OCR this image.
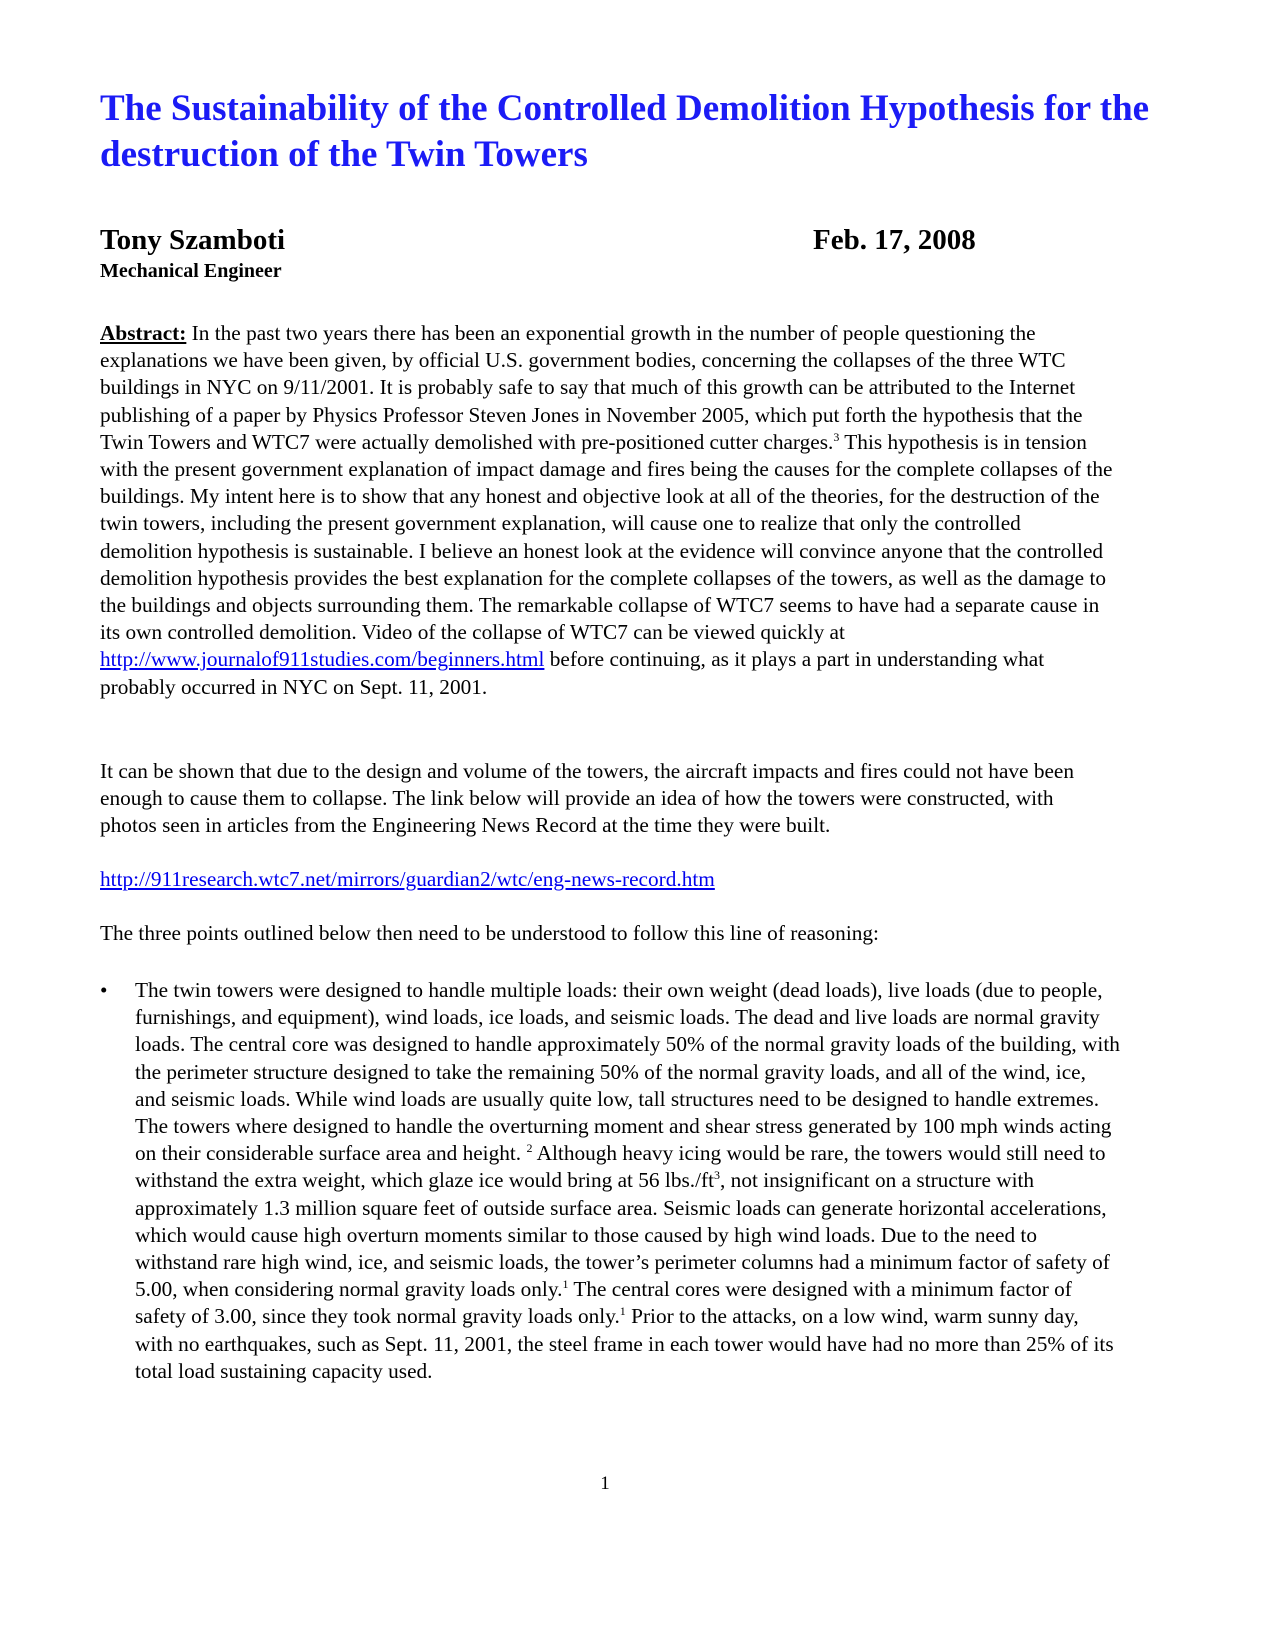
The Sustainability of the Controlled Demolition Hypothesis for the destruction of the Twin Towers
Tony Szamboti	Feb. 17, 2008
Mechanical Engineer

Abstract: In the past two years there has been an exponential growth in the number of people questioning the explanations we have been given, by official U.S. government bodies, concerning the collapses of the three WTC buildings in NYC on 9/11/2001. It is probably safe to say that much of this growth can be attributed to the Internet publishing of a paper by Physics Professor Steven Jones in November 2005, which put forth the hypothesis that the Twin Towers and WTC7 were actually demolished with pre-positioned cutter charges.$^3$ This hypothesis is in tension with the present government explanation of impact damage and fires being the causes for the complete collapses of the buildings. My intent here is to show that any honest and objective look at all of the theories, for the destruction of the twin towers, including the present government explanation, will cause one to realize that only the controlled demolition hypothesis is sustainable. I believe an honest look at the evidence will convince anyone that the controlled demolition hypothesis provides the best explanation for the complete collapses of the towers, as well as the damage to the buildings and objects surrounding them. The remarkable collapse of WTC7 seems to have had a separate cause in its own controlled demolition. Video of the collapse of WTC7 can be viewed quickly at http://www.journalof911studies.com/beginners.html before continuing, as it plays a part in understanding what probably occurred in NYC on Sept. 11, 2001.

It can be shown that due to the design and volume of the towers, the aircraft impacts and fires could not have been enough to cause them to collapse. The link below will provide an idea of how the towers were constructed, with photos seen in articles from the Engineering News Record at the time they were built.

http://911research.wtc7.net/mirrors/guardian2/wtc/eng-news-record.htm

The three points outlined below then need to be understood to follow this line of reasoning:

• The twin towers were designed to handle multiple loads: their own weight (dead loads), live loads (due to people, furnishings, and equipment), wind loads, ice loads, and seismic loads. The dead and live loads are normal gravity loads. The central core was designed to handle approximately 50% of the normal gravity loads of the building, with the perimeter structure designed to take the remaining 50% of the normal gravity loads, and all of the wind, ice, and seismic loads. While wind loads are usually quite low, tall structures need to be designed to handle extremes. The towers where designed to handle the overturning moment and shear stress generated by 100 mph winds acting on their considerable surface area and height. $^2$ Although heavy icing would be rare, the towers would still need to withstand the extra weight, which glaze ice would bring at 56 $lbs./ft^3$, not insignificant on a structure with approximately 1.3 million square feet of outside surface area. Seismic loads can generate horizontal accelerations, which would cause high overturn moments similar to those caused by high wind loads. Due to the need to withstand rare high wind, ice, and seismic loads, the tower’s perimeter columns had a minimum factor of safety of 5.00, when considering normal gravity loads only.$^1$ The central cores were designed with a minimum factor of safety of 3.00, since they took normal gravity loads only.$^1$ Prior to the attacks, on a low wind, warm sunny day, with no earthquakes, such as Sept. 11, 2001, the steel frame in each tower would have had no more than 25% of its total load sustaining capacity used.

1
